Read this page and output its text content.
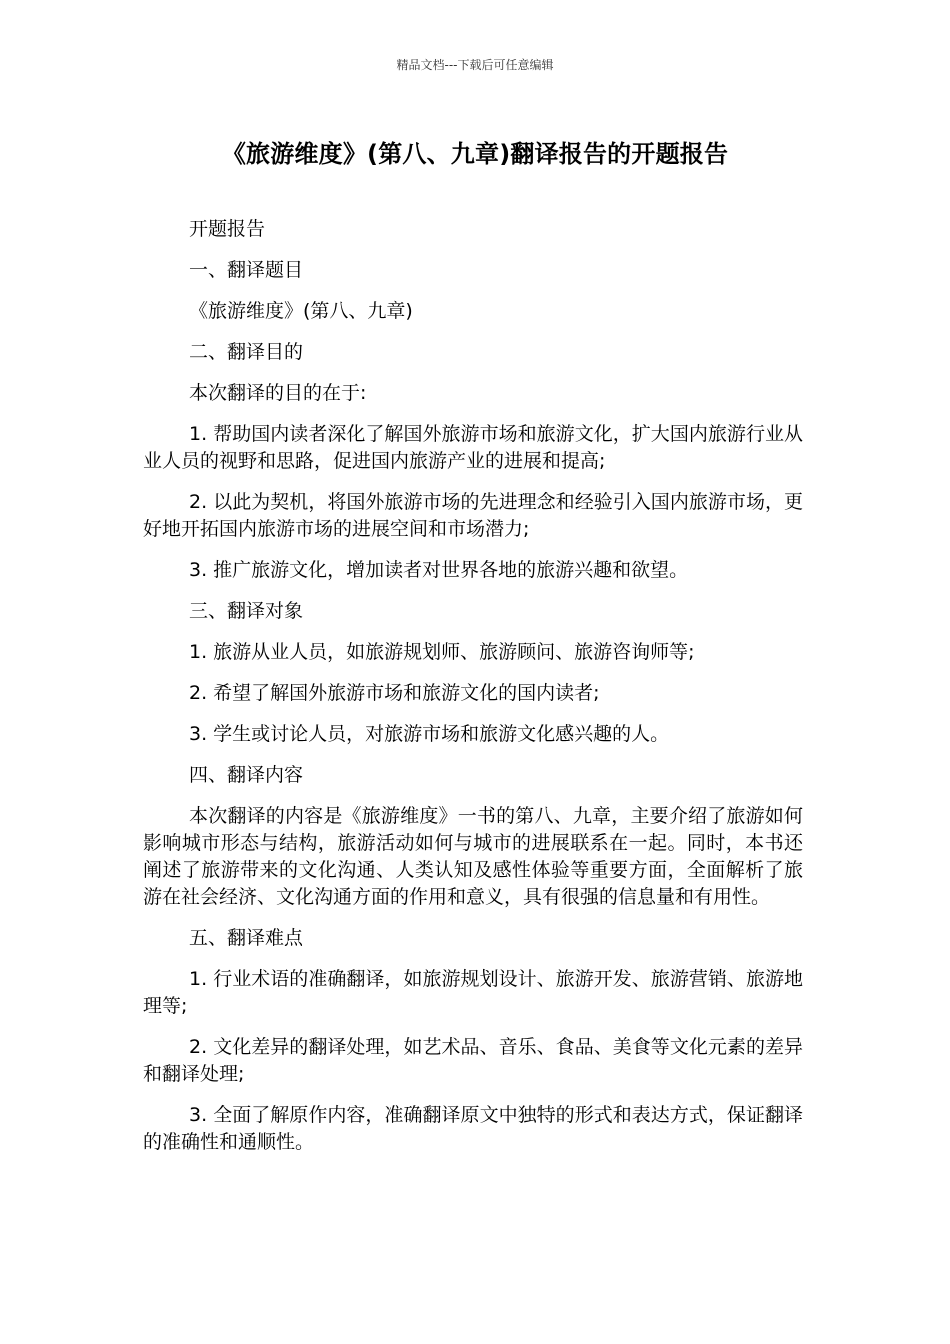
精品文档---下载后可任意编辑
《旅游维度》(第八、九章)翻译报告的开题报告

开题报告

一、翻译题目

《旅游维度》(第八、九章)

二、翻译目的

本次翻译的目的在于:

1. 帮助国内读者深化了解国外旅游市场和旅游文化，扩大国内旅游行业从业人员的视野和思路，促进国内旅游产业的进展和提高;

2. 以此为契机，将国外旅游市场的先进理念和经验引入国内旅游市场，更好地开拓国内旅游市场的进展空间和市场潜力;

3. 推广旅游文化，增加读者对世界各地的旅游兴趣和欲望。

三、翻译对象

1. 旅游从业人员，如旅游规划师、旅游顾问、旅游咨询师等;

2. 希望了解国外旅游市场和旅游文化的国内读者;

3. 学生或讨论人员，对旅游市场和旅游文化感兴趣的人。

四、翻译内容

本次翻译的内容是《旅游维度》一书的第八、九章，主要介绍了旅游如何影响城市形态与结构，旅游活动如何与城市的进展联系在一起。同时，本书还阐述了旅游带来的文化沟通、人类认知及感性体验等重要方面，全面解析了旅游在社会经济、文化沟通方面的作用和意义，具有很强的信息量和有用性。

五、翻译难点

1. 行业术语的准确翻译，如旅游规划设计、旅游开发、旅游营销、旅游地理等;

2. 文化差异的翻译处理，如艺术品、音乐、食品、美食等文化元素的差异和翻译处理;

3. 全面了解原作内容，准确翻译原文中独特的形式和表达方式，保证翻译的准确性和通顺性。
